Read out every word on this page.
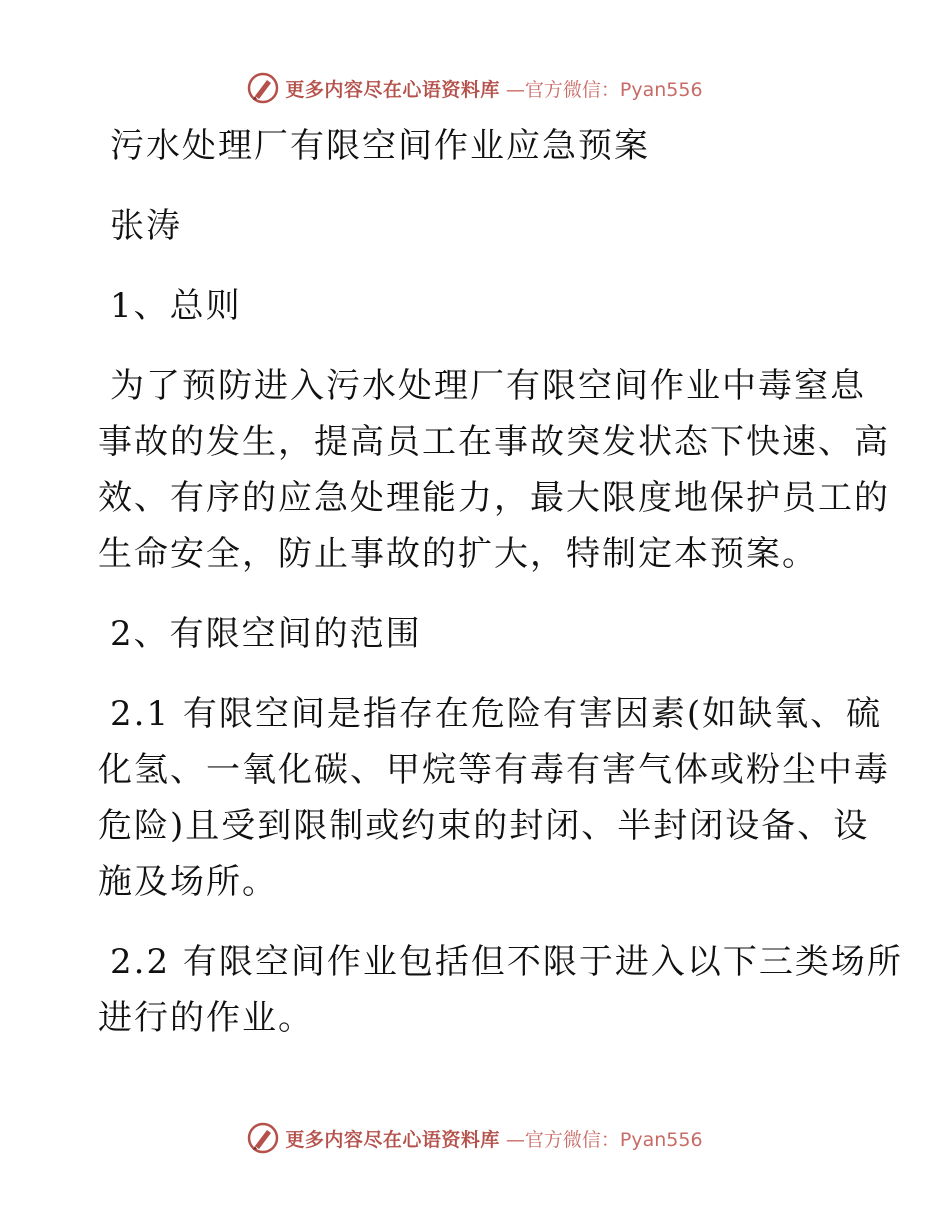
更多内容尽在心语资料库 —官方微信：Pyan556
污水处理厂有限空间作业应急预案
张涛
1、总则
为了预防进入污水处理厂有限空间作业中毒窒息
事故的发生，提高员工在事故突发状态下快速、高
效、有序的应急处理能力，最大限度地保护员工的
生命安全，防止事故的扩大，特制定本预案。
2、有限空间的范围
2.1 有限空间是指存在危险有害因素(如缺氧、硫
化氢、一氧化碳、甲烷等有毒有害气体或粉尘中毒
危险)且受到限制或约束的封闭、半封闭设备、设
施及场所。
2.2 有限空间作业包括但不限于进入以下三类场所
进行的作业。
更多内容尽在心语资料库 —官方微信：Pyan556
